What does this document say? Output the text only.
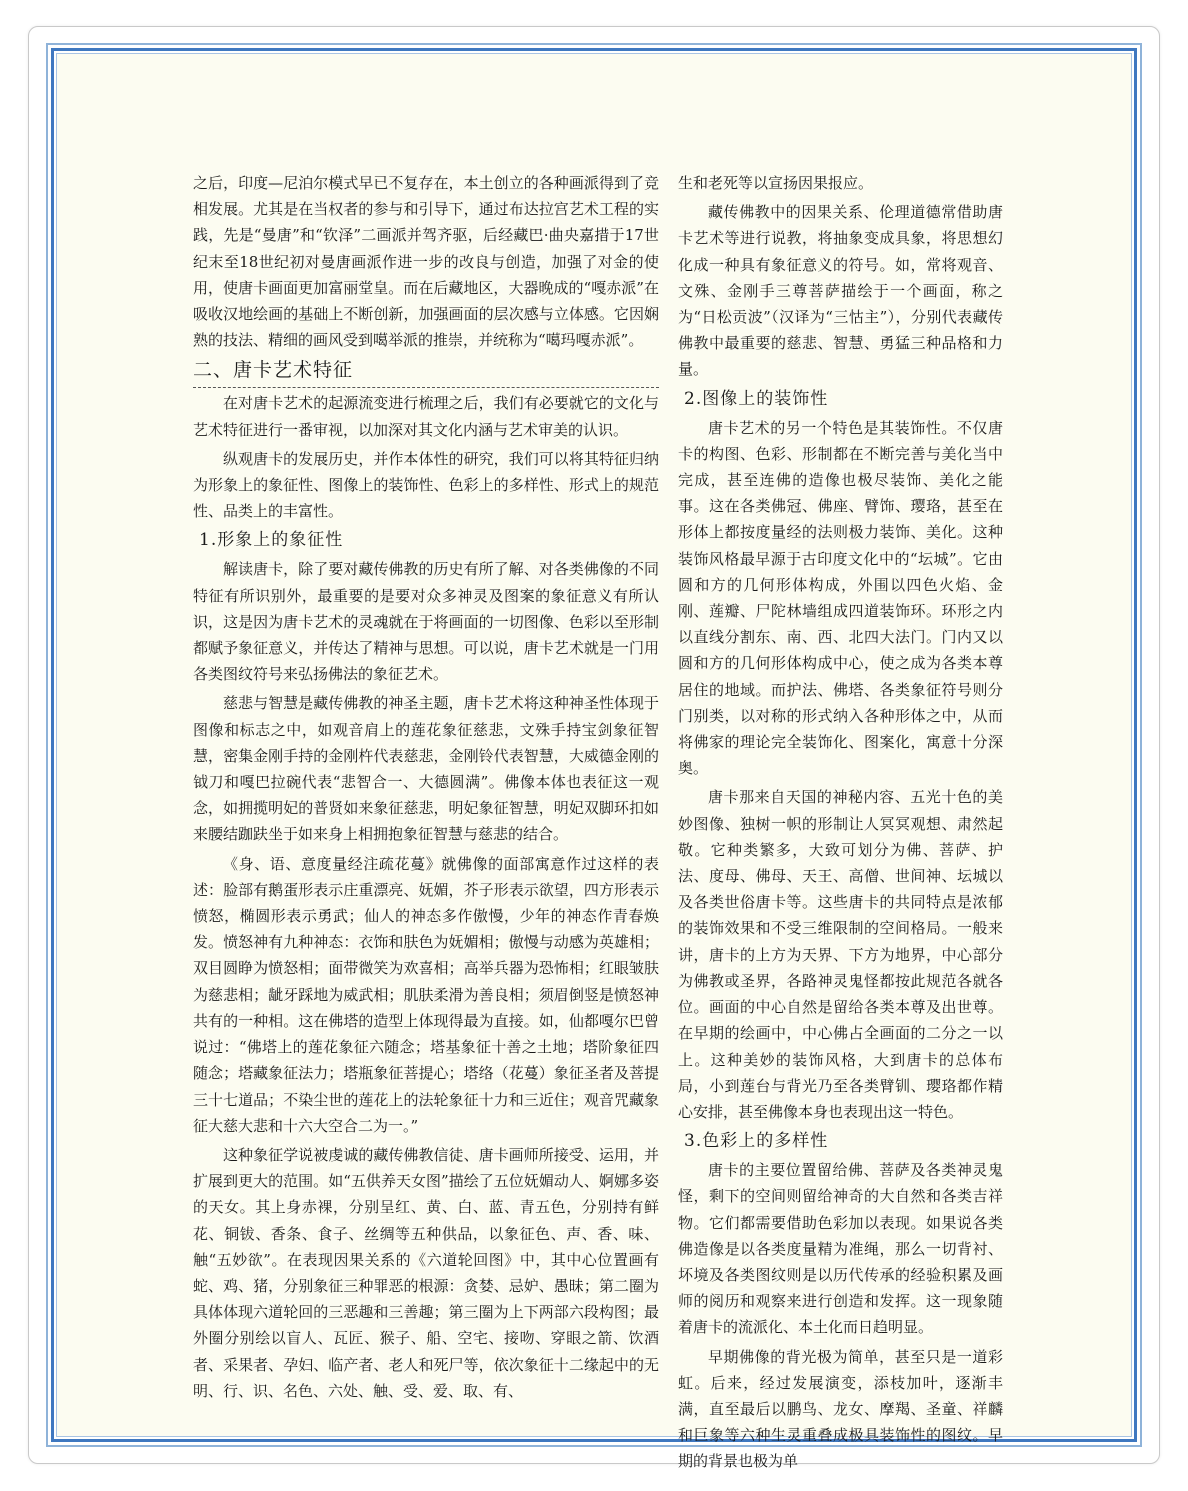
之后，印度—尼泊尔模式早已不复存在，本土创立的各种画派得到了竞相发展。尤其是在当权者的参与和引导下，通过布达拉宫艺术工程的实践，先是“曼唐”和“钦泽”二画派并驾齐驱，后经藏巴·曲央嘉措于17世纪末至18世纪初对曼唐画派作进一步的改良与创造，加强了对金的使用，使唐卡画面更加富丽堂皇。而在后藏地区，大器晚成的“嘎赤派”在吸收汉地绘画的基础上不断创新，加强画面的层次感与立体感。它因娴熟的技法、精细的画风受到噶举派的推崇，并统称为“噶玛嘎赤派”。

二、唐卡艺术特征

在对唐卡艺术的起源流变进行梳理之后，我们有必要就它的文化与艺术特征进行一番审视，以加深对其文化内涵与艺术审美的认识。

纵观唐卡的发展历史，并作本体性的研究，我们可以将其特征归纳为形象上的象征性、图像上的装饰性、色彩上的多样性、形式上的规范性、品类上的丰富性。

1.形象上的象征性

解读唐卡，除了要对藏传佛教的历史有所了解、对各类佛像的不同特征有所识别外，最重要的是要对众多神灵及图案的象征意义有所认识，这是因为唐卡艺术的灵魂就在于将画面的一切图像、色彩以至形制都赋予象征意义，并传达了精神与思想。可以说，唐卡艺术就是一门用各类图纹符号来弘扬佛法的象征艺术。

慈悲与智慧是藏传佛教的神圣主题，唐卡艺术将这种神圣性体现于图像和标志之中，如观音肩上的莲花象征慈悲，文殊手持宝剑象征智慧，密集金刚手持的金刚杵代表慈悲，金刚铃代表智慧，大威德金刚的钺刀和嘎巴拉碗代表“悲智合一、大德圆满”。佛像本体也表征这一观念，如拥揽明妃的普贤如来象征慈悲，明妃象征智慧，明妃双脚环扣如来腰结跏趺坐于如来身上相拥抱象征智慧与慈悲的结合。

《身、语、意度量经注疏花蔓》就佛像的面部寓意作过这样的表述：脸部有鹅蛋形表示庄重漂亮、妩媚，芥子形表示欲望，四方形表示愤怒，椭圆形表示勇武；仙人的神态多作傲慢，少年的神态作青春焕发。愤怒神有九种神态：衣饰和肤色为妩媚相；傲慢与动感为英雄相；双目圆睁为愤怒相；面带微笑为欢喜相；高举兵器为恐怖相；红眼皱肤为慈悲相；龇牙踩地为威武相；肌肤柔滑为善良相；须眉倒竖是愤怒神共有的一种相。这在佛塔的造型上体现得最为直接。如，仙都嘎尔巴曾说过：“佛塔上的莲花象征六随念；塔基象征十善之土地；塔阶象征四随念；塔藏象征法力；塔瓶象征菩提心；塔络（花蔓）象征圣者及菩提三十七道品；不染尘世的莲花上的法轮象征十力和三近住；观音咒藏象征大慈大悲和十六大空合二为一。”

这种象征学说被虔诚的藏传佛教信徒、唐卡画师所接受、运用，并扩展到更大的范围。如“五供养天女图”描绘了五位妩媚动人、婀娜多姿的天女。其上身赤裸，分别呈红、黄、白、蓝、青五色，分别持有鲜花、铜钹、香条、食子、丝绸等五种供品，以象征色、声、香、味、触“五妙欲”。在表现因果关系的《六道轮回图》中，其中心位置画有蛇、鸡、猪，分别象征三种罪恶的根源：贪婪、忌妒、愚昧；第二圈为具体体现六道轮回的三恶趣和三善趣；第三圈为上下两部六段构图；最外圈分别绘以盲人、瓦匠、猴子、船、空宅、接吻、穿眼之箭、饮酒者、采果者、孕妇、临产者、老人和死尸等，依次象征十二缘起中的无明、行、识、名色、六处、触、受、爱、取、有、

生和老死等以宣扬因果报应。

藏传佛教中的因果关系、伦理道德常借助唐卡艺术等进行说教，将抽象变成具象，将思想幻化成一种具有象征意义的符号。如，常将观音、文殊、金刚手三尊菩萨描绘于一个画面，称之为“日松贡波”（汉译为“三怙主”），分别代表藏传佛教中最重要的慈悲、智慧、勇猛三种品格和力量。

2.图像上的装饰性

唐卡艺术的另一个特色是其装饰性。不仅唐卡的构图、色彩、形制都在不断完善与美化当中完成，甚至连佛的造像也极尽装饰、美化之能事。这在各类佛冠、佛座、臂饰、璎珞，甚至在形体上都按度量经的法则极力装饰、美化。这种装饰风格最早源于古印度文化中的“坛城”。它由圆和方的几何形体构成，外围以四色火焰、金刚、莲瓣、尸陀林墙组成四道装饰环。环形之内以直线分割东、南、西、北四大法门。门内又以圆和方的几何形体构成中心，使之成为各类本尊居住的地域。而护法、佛塔、各类象征符号则分门别类，以对称的形式纳入各种形体之中，从而将佛家的理论完全装饰化、图案化，寓意十分深奥。

唐卡那来自天国的神秘内容、五光十色的美妙图像、独树一帜的形制让人冥冥观想、肃然起敬。它种类繁多，大致可划分为佛、菩萨、护法、度母、佛母、天王、高僧、世间神、坛城以及各类世俗唐卡等。这些唐卡的共同特点是浓郁的装饰效果和不受三维限制的空间格局。一般来讲，唐卡的上方为天界、下方为地界，中心部分为佛教或圣界，各路神灵鬼怪都按此规范各就各位。画面的中心自然是留给各类本尊及出世尊。在早期的绘画中，中心佛占全画面的二分之一以上。这种美妙的装饰风格，大到唐卡的总体布局，小到莲台与背光乃至各类臂钏、璎珞都作精心安排，甚至佛像本身也表现出这一特色。

3.色彩上的多样性

唐卡的主要位置留给佛、菩萨及各类神灵鬼怪，剩下的空间则留给神奇的大自然和各类吉祥物。它们都需要借助色彩加以表现。如果说各类佛造像是以各类度量精为准绳，那么一切背衬、坏境及各类图纹则是以历代传承的经验积累及画师的阅历和观察来进行创造和发挥。这一现象随着唐卡的流派化、本土化而日趋明显。

早期佛像的背光极为简单，甚至只是一道彩虹。后来，经过发展演变，添枝加叶，逐渐丰满，直至最后以鹏鸟、龙女、摩羯、圣童、祥麟和巨象等六种生灵重叠成极具装饰性的图纹。早期的背景也极为单
